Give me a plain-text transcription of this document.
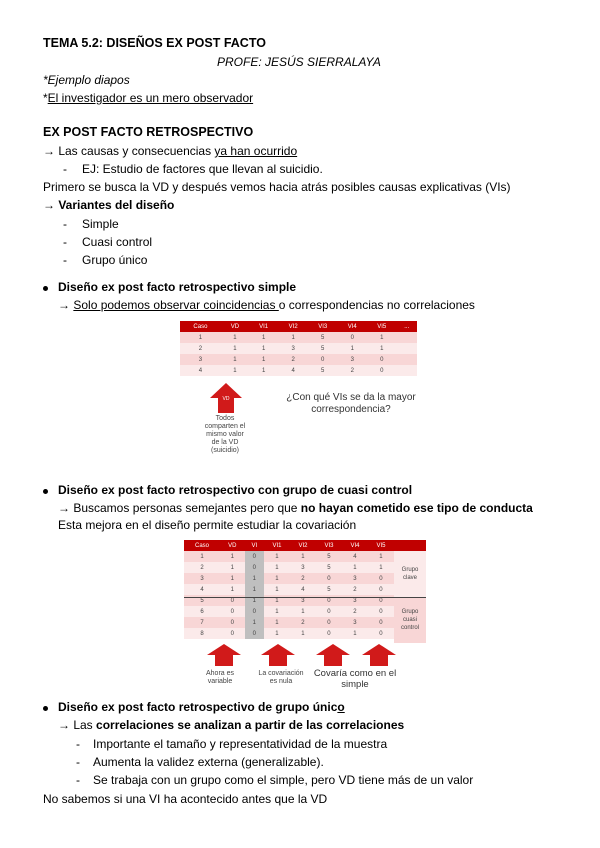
TEMA 5.2: DISEÑOS EX POST FACTO
PROFE: JESÚS SIERRALAYA
*Ejemplo diapos
*El investigador es un mero observador
EX POST FACTO RETROSPECTIVO
→ Las causas y consecuencias ya han ocurrido
- EJ: Estudio de factores que llevan al suicidio.
Primero se busca la VD y después vemos hacia atrás posibles causas explicativas (VIs)
→ Variantes del diseño
- Simple
- Cuasi control
- Grupo único
Diseño ex post facto retrospectivo simple
→ Solo podemos observar coincidencias o correspondencias no correlaciones
Caso	VD	VI1	VI2	VI3	VI4	VI5	...
1	1	1	1	5	0	1	
2	1	1	3	5	1	1	
3	1	1	2	0	3	0	
4	1	1	4	5	2	0	
VD
Todos
comparten el
mismo valor
de la VD
(suicidio)
¿Con qué VIs se da la mayor
correspondencia?
Diseño ex post facto retrospectivo con grupo de cuasi control
→ Buscamos personas semejantes pero que no hayan cometido ese tipo de conducta
Esta mejora en el diseño permite estudiar la covariación
Caso	VD	VI	VI1	VI2	VI3	VI4	VI5
1	1	0	1	1	5	4	1
2	1	0	1	3	5	1	1
3	1	1	1	2	0	3	0
4	1	1	1	4	5	2	0
5	0	1	1	3	0	3	0
6	0	0	1	1	0	2	0
7	0	1	1	2	0	3	0
8	0	0	1	1	0	1	0
Grupo
clave
Grupo
cuasi
control
Ahora es
variable
La covariación
es nula
Covaría como en el
simple
Diseño ex post facto retrospectivo de grupo único
→ Las correlaciones se analizan a partir de las correlaciones
- Importante el tamaño y representatividad de la muestra
- Aumenta la validez externa (generalizable).
- Se trabaja con un grupo como el simple, pero VD tiene más de un valor
No sabemos si una VI ha acontecido antes que la VD
